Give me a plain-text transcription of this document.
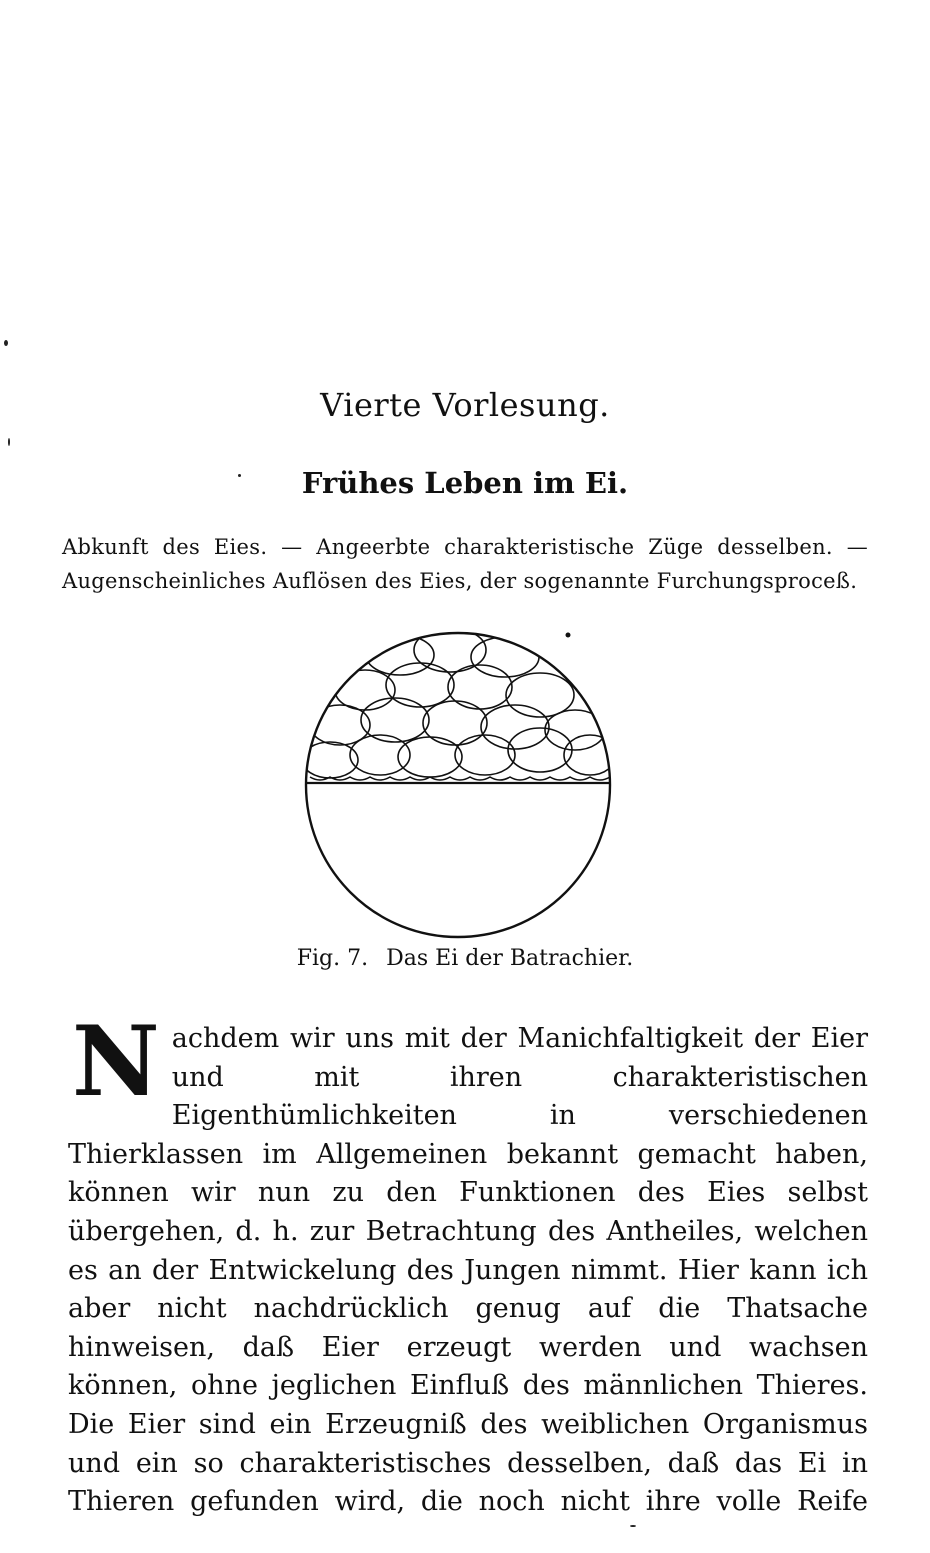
Vierte Vorlesung.
Frühes Leben im Ei.
Abkunft des Eies. — Angeerbte charakteristische Züge desselben. — Augenscheinliches Auflösen des Eies, der sogenannte Furchungsproceß.
Fig. 7. Das Ei der Batrachier.
Nachdem wir uns mit der Manichfaltigkeit der Eier und mit ihren charakteristischen Eigenthümlichkeiten in verschiedenen Thierklassen im Allgemeinen bekannt gemacht haben, können wir nun zu den Funktionen des Eies selbst übergehen, d. h. zur Betrachtung des Antheiles, welchen es an der Entwickelung des Jungen nimmt. Hier kann ich aber nicht nachdrücklich genug auf die Thatsache hinweisen, daß Eier erzeugt werden und wachsen können, ohne jeglichen Einfluß des männlichen Thieres. Die Eier sind ein Erzeugniß des weiblichen Organismus und ein so charakteristisches desselben, daß das Ei in Thieren gefunden wird, die noch nicht ihre volle Reife
